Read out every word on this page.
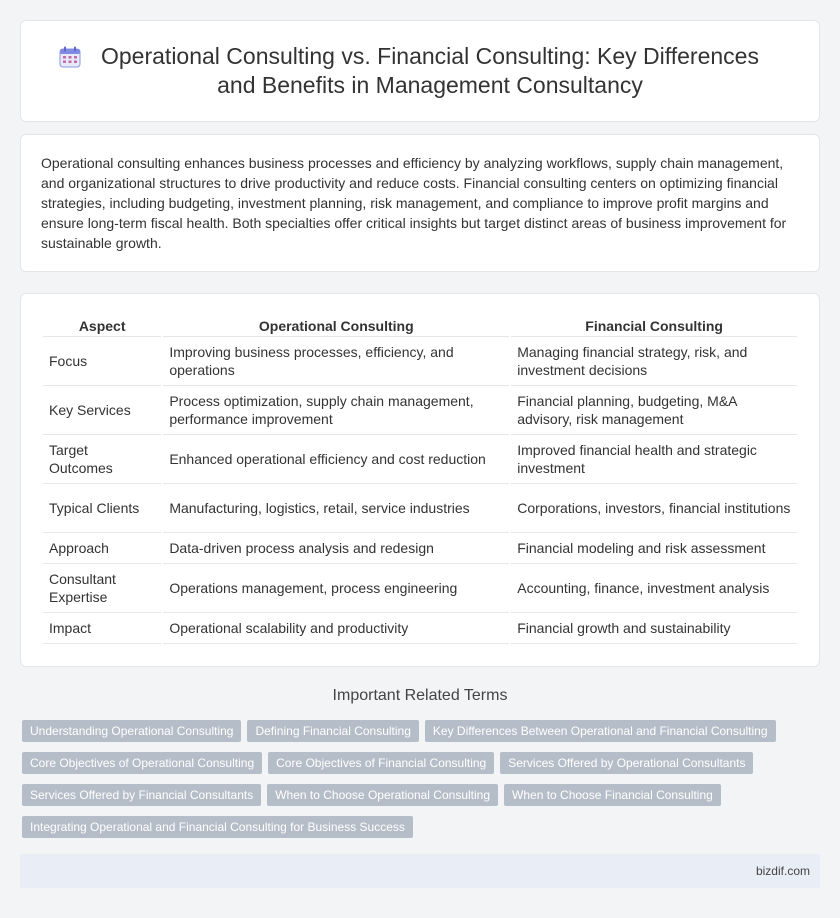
Operational Consulting vs. Financial Consulting: Key Differences and Benefits in Management Consultancy

Operational consulting enhances business processes and efficiency by analyzing workflows, supply chain management, and organizational structures to drive productivity and reduce costs. Financial consulting centers on optimizing financial strategies, including budgeting, investment planning, risk management, and compliance to improve profit margins and ensure long-term fiscal health. Both specialties offer critical insights but target distinct areas of business improvement for sustainable growth.

Aspect	Operational Consulting	Financial Consulting
Focus	Improving business processes, efficiency, and operations	Managing financial strategy, risk, and investment decisions
Key Services	Process optimization, supply chain management, performance improvement	Financial planning, budgeting, M&A advisory, risk management
Target Outcomes	Enhanced operational efficiency and cost reduction	Improved financial health and strategic investment
Typical Clients	Manufacturing, logistics, retail, service industries	Corporations, investors, financial institutions
Approach	Data-driven process analysis and redesign	Financial modeling and risk assessment
Consultant Expertise	Operations management, process engineering	Accounting, finance, investment analysis
Impact	Operational scalability and productivity	Financial growth and sustainability
Important Related Terms
Understanding Operational Consulting	Defining Financial Consulting	Key Differences Between Operational and Financial Consulting
Core Objectives of Operational Consulting	Core Objectives of Financial Consulting	Services Offered by Operational Consultants
Services Offered by Financial Consultants	When to Choose Operational Consulting	When to Choose Financial Consulting
Integrating Operational and Financial Consulting for Business Success
bizdif.com
